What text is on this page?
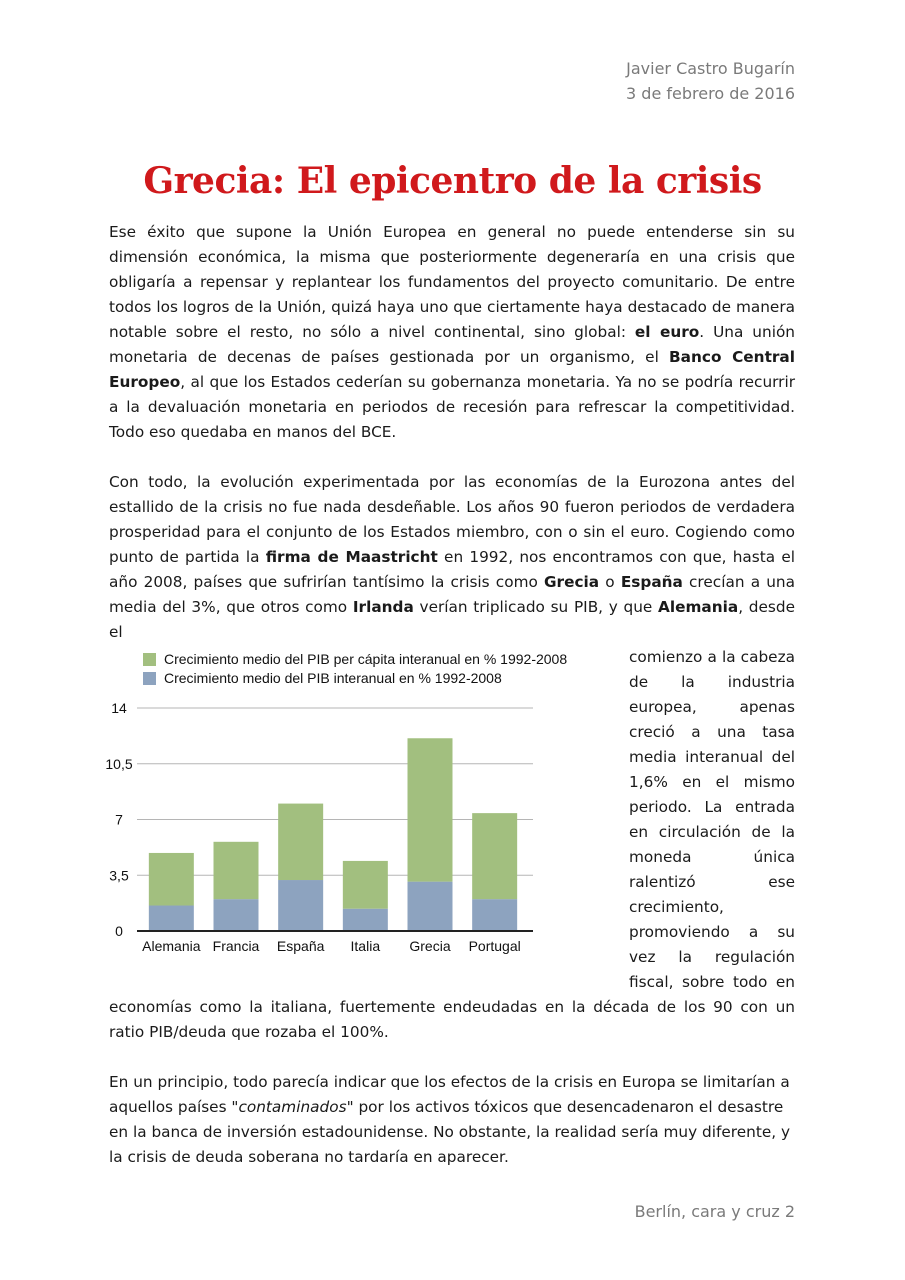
Javier Castro Bugarín
3 de febrero de 2016
Grecia: El epicentro de la crisis

Ese éxito que supone la Unión Europea en general no puede entenderse sin su dimensión económica, la misma que posteriormente degeneraría en una crisis que obligaría a repensar y replantear los fundamentos del proyecto comunitario. De entre todos los logros de la Unión, quizá haya uno que ciertamente haya destacado de manera notable sobre el resto, no sólo a nivel continental, sino global: el euro. Una unión monetaria de decenas de países gestionada por un organismo, el Banco Central Europeo, al que los Estados cederían su gobernanza monetaria. Ya no se podría recurrir a la devaluación monetaria en periodos de recesión para refrescar la competitividad. Todo eso quedaba en manos del BCE.

Con todo, la evolución experimentada por las economías de la Eurozona antes del estallido de la crisis no fue nada desdeñable. Los años 90 fueron periodos de verdadera prosperidad para el conjunto de los Estados miembro, con o sin el euro. Cogiendo como punto de partida la firma de Maastricht en 1992, nos encontramos con que, hasta el año 2008, países que sufrirían tantísimo la crisis como Grecia o España crecían a una media del 3%, que otros como Irlanda verían triplicado su PIB, y que Alemania, desde el

Crecimiento medio del PIB per cápita interanual en % 1992-2008
Crecimiento medio del PIB interanual en % 1992-2008
0
3,5
7
10,5
14
Alemania Francia España Italia Grecia Portugal

comienzo a la cabeza de la industria europea, apenas creció a una tasa media interanual del 1,6% en el mismo periodo. La entrada en circulación de la moneda única ralentizó ese crecimiento, promoviendo a su vez la regulación fiscal, sobre todo en economías como la italiana, fuertemente endeudadas en la década de los 90 con un ratio PIB/deuda que rozaba el 100%.

En un principio, todo parecía indicar que los efectos de la crisis en Europa se limitarían a aquellos países "contaminados" por los activos tóxicos que desencadenaron el desastre en la banca de inversión estadounidense. No obstante, la realidad sería muy diferente, y la crisis de deuda soberana no tardaría en aparecer.

Berlín, cara y cruz 2
